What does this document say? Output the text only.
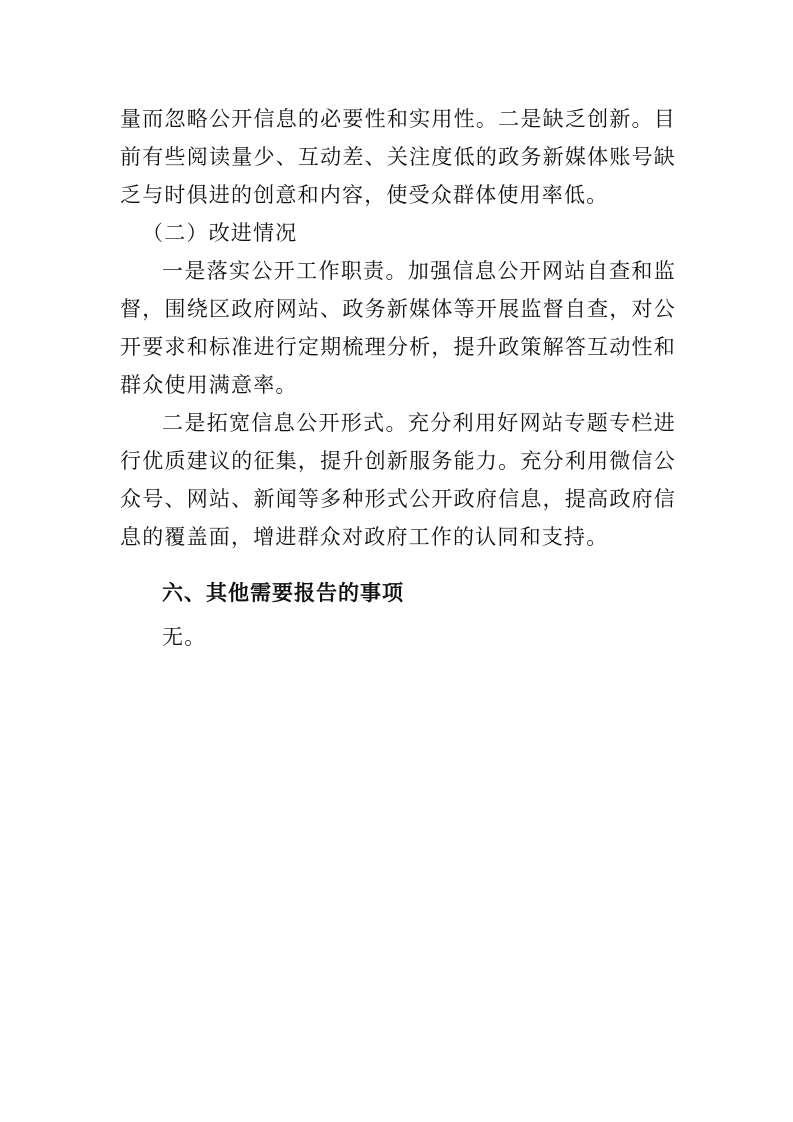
量而忽略公开信息的必要性和实用性。二是缺乏创新。目前有些阅读量少、互动差、关注度低的政务新媒体账号缺乏与时俱进的创意和内容，使受众群体使用率低。

（二）改进情况

一是落实公开工作职责。加强信息公开网站自查和监督，围绕区政府网站、政务新媒体等开展监督自查，对公开要求和标准进行定期梳理分析，提升政策解答互动性和群众使用满意率。

二是拓宽信息公开形式。充分利用好网站专题专栏进行优质建议的征集，提升创新服务能力。充分利用微信公众号、网站、新闻等多种形式公开政府信息，提高政府信息的覆盖面，增进群众对政府工作的认同和支持。

六、其他需要报告的事项

无。
